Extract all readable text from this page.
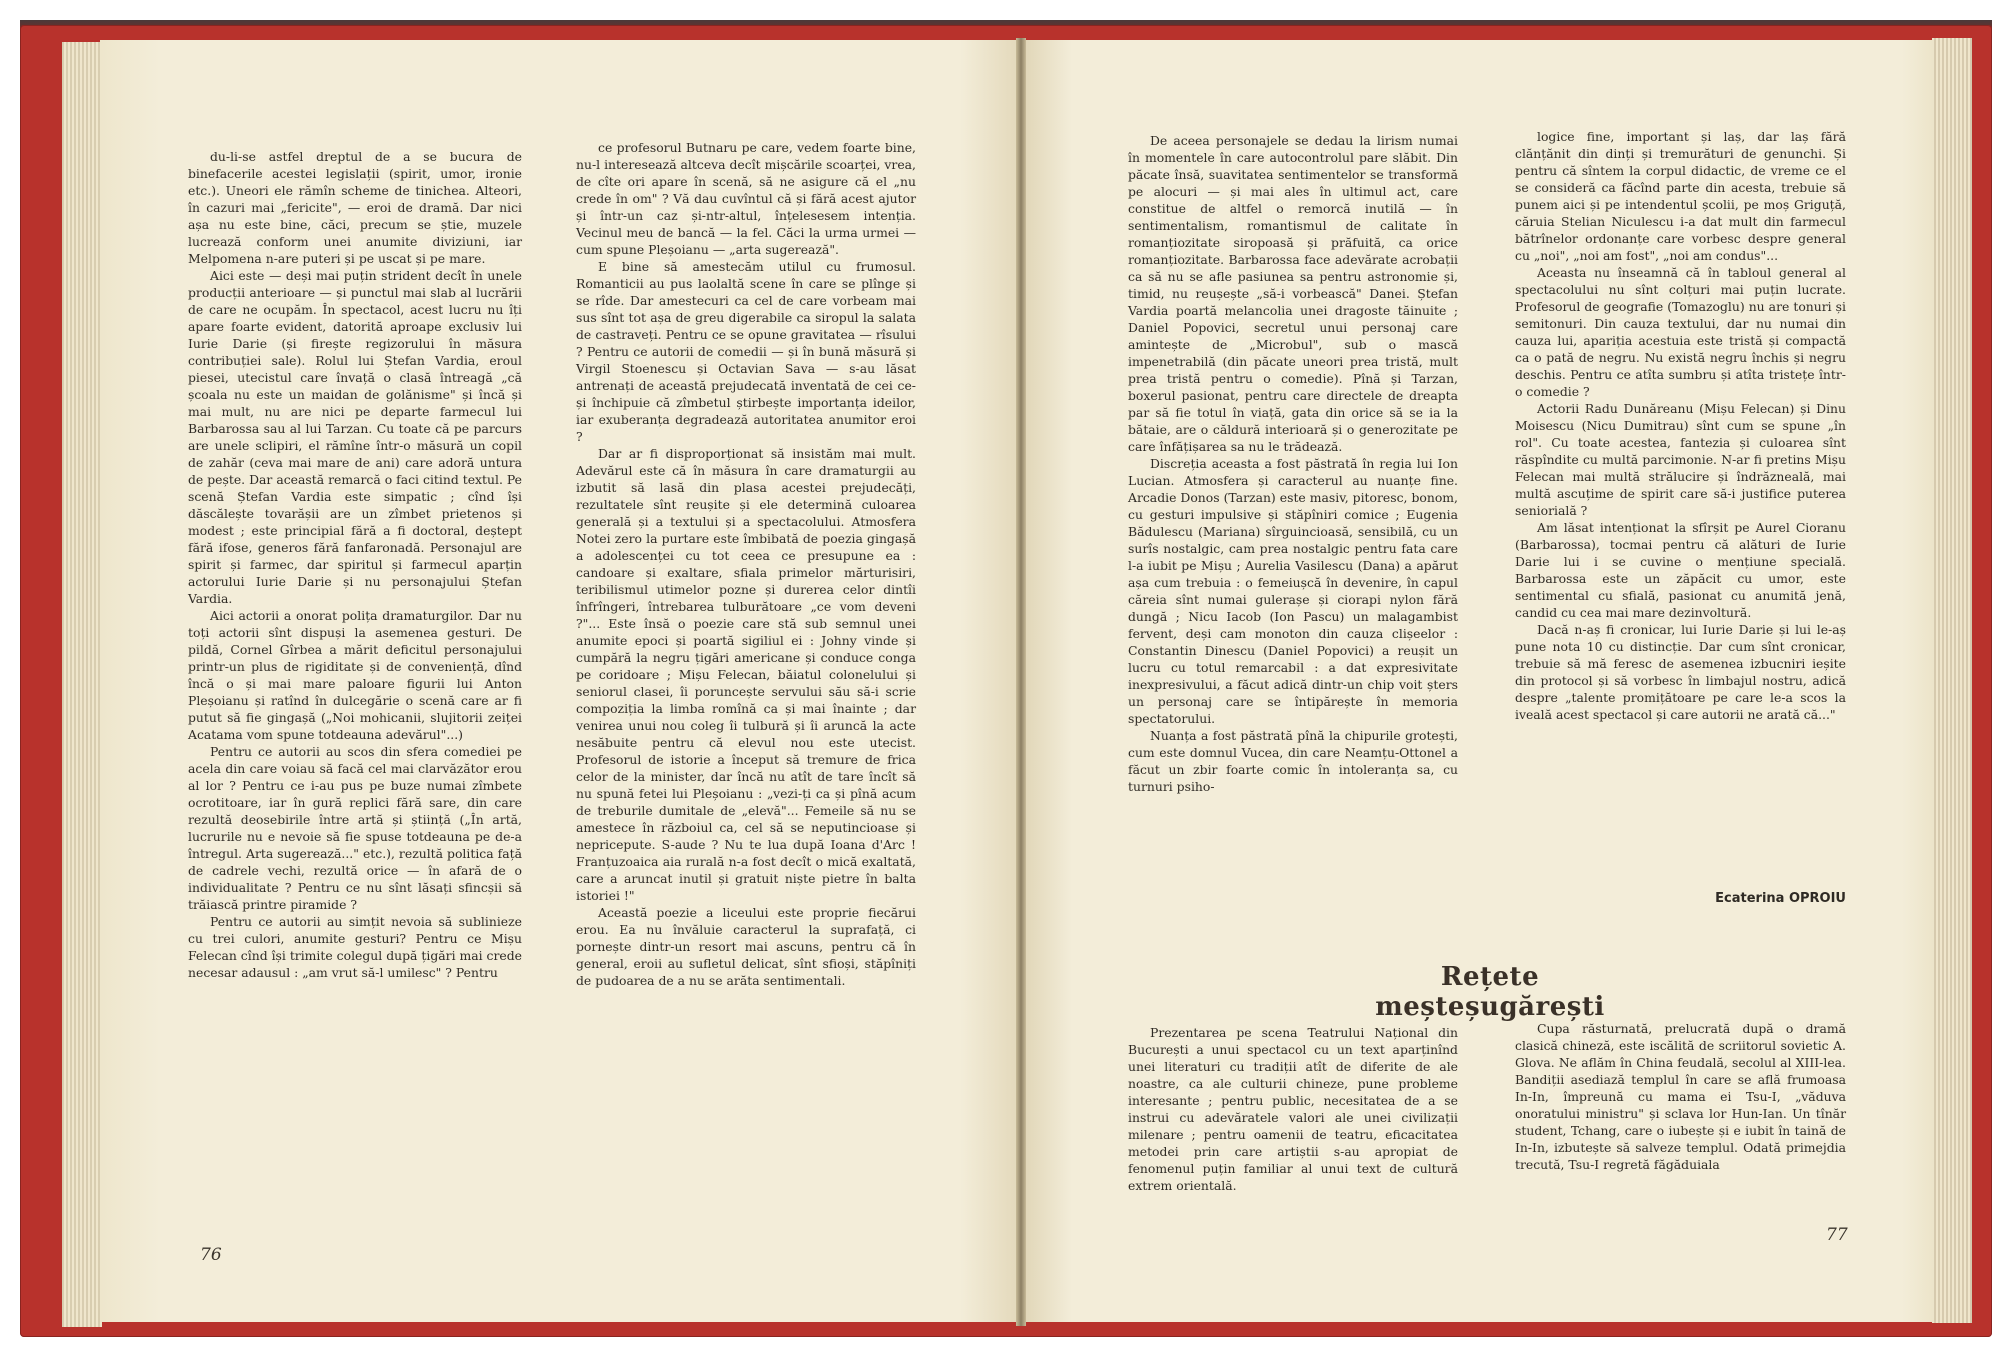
du-li-se astfel dreptul de a se bucura de binefacerile acestei legislații (spirit, umor, ironie etc.). Uneori ele rămîn scheme de tinichea. Alteori, în cazuri mai „fericite", — eroi de dramă. Dar nici așa nu este bine, căci, precum se știe, muzele lucrează conform unei anumite diviziuni, iar Melpomena n-are puteri și pe uscat și pe mare.

Aici este — deși mai puțin strident decît în unele producții anterioare — și punctul mai slab al lucrării de care ne ocupăm. În spectacol, acest lucru nu îți apare foarte evident, datorită aproape exclusiv lui Iurie Darie (și firește regizorului în măsura contribuției sale). Rolul lui Ștefan Vardia, eroul piesei, utecistul care învață o clasă întreagă „că școala nu este un maidan de golănisme" și încă și mai mult, nu are nici pe departe farmecul lui Barbarossa sau al lui Tarzan. Cu toate că pe parcurs are unele sclipiri, el rămîne într-o măsură un copil de zahăr (ceva mai mare de ani) care adoră untura de pește. Dar această remarcă o faci citind textul. Pe scenă Ștefan Vardia este simpatic ; cînd își dăscălește tovarășii are un zîmbet prietenos și modest ; este principial fără a fi doctoral, deștept fără ifose, generos fără fanfaronadă. Personajul are spirit și farmec, dar spiritul și farmecul aparțin actorului Iurie Darie și nu personajului Ștefan Vardia.

Aici actorii a onorat polița dramaturgilor. Dar nu toți actorii sînt dispuși la asemenea gesturi. De pildă, Cornel Gîrbea a mărit deficitul personajului printr-un plus de rigiditate și de conveniență, dînd încă o și mai mare paloare figurii lui Anton Pleșoianu și ratînd în dulcegărie o scenă care ar fi putut să fie gingașă („Noi mohicanii, slujitorii zeiței Acatama vom spune totdeauna adevărul"...)

Pentru ce autorii au scos din sfera comediei pe acela din care voiau să facă cel mai clarvăzător erou al lor ? Pentru ce i-au pus pe buze numai zîmbete ocrotitoare, iar în gură replici fără sare, din care rezultă deosebirile între artă și știință („În artă, lucrurile nu e nevoie să fie spuse totdeauna pe de-a întregul. Arta sugerează..." etc.), rezultă politica față de cadrele vechi, rezultă orice — în afară de o individualitate ? Pentru ce nu sînt lăsați sfincșii să trăiască printre piramide ?

Pentru ce autorii au simțit nevoia să sublinieze cu trei culori, anumite gesturi? Pentru ce Mișu Felecan cînd își trimite colegul după țigări mai crede necesar adausul : „am vrut să-l umilesc" ? Pentru

ce profesorul Butnaru pe care, vedem foarte bine, nu-l interesează altceva decît mișcările scoarței, vrea, de cîte ori apare în scenă, să ne asigure că el „nu crede în om" ? Vă dau cuvîntul că și fără acest ajutor și într-un caz și-ntr-altul, înțelesesem intenția. Vecinul meu de bancă — la fel. Căci la urma urmei — cum spune Pleșoianu — „arta sugerează".

E bine să amestecăm utilul cu frumosul. Romanticii au pus laolaltă scene în care se plînge și se rîde. Dar amestecuri ca cel de care vorbeam mai sus sînt tot așa de greu digerabile ca siropul la salata de castraveți. Pentru ce se opune gravitatea — rîsului ? Pentru ce autorii de comedii — și în bună măsură și Virgil Stoenescu și Octavian Sava — s-au lăsat antrenați de această prejudecată inventată de cei ce-și închipuie că zîmbetul știrbește importanța ideilor, iar exuberanța degradează autoritatea anumitor eroi ?

Dar ar fi disproporționat să insistăm mai mult. Adevărul este că în măsura în care dramaturgii au izbutit să lasă din plasa acestei prejudecăți, rezultatele sînt reușite și ele determină culoarea generală și a textului și a spectacolului. Atmosfera Notei zero la purtare este îmbibată de poezia gingașă a adolescenței cu tot ceea ce presupune ea : candoare și exaltare, sfiala primelor mărturisiri, teribilismul utimelor pozne și durerea celor dintîi înfrîngeri, întrebarea tulburătoare „ce vom deveni ?"... Este însă o poezie care stă sub semnul unei anumite epoci și poartă sigiliul ei : Johny vinde și cumpără la negru țigări americane și conduce conga pe coridoare ; Mișu Felecan, băiatul colonelului și seniorul clasei, îi poruncește servului său să-i scrie compoziția la limba romînă ca și mai înainte ; dar venirea unui nou coleg îi tulbură și îi aruncă la acte nesăbuite pentru că elevul nou este utecist. Profesorul de istorie a început să tremure de frica celor de la minister, dar încă nu atît de tare încît să nu spună fetei lui Pleșoianu : „vezi-ți ca și pînă acum de treburile dumitale de „elevă"... Femeile să nu se amestece în războiul ca, cel să se neputincioase și nepricepute. S-aude ? Nu te lua după Ioana d'Arc ! Franțuzoaica aia rurală n-a fost decît o mică exaltată, care a aruncat inutil și gratuit niște pietre în balta istoriei !"

Această poezie a liceului este proprie fiecărui erou. Ea nu învăluie caracterul la suprafață, ci pornește dintr-un resort mai ascuns, pentru că în general, eroii au sufletul delicat, sînt sfioși, stăpîniți de pudoarea de a nu se arăta sentimentali.

De aceea personajele se dedau la lirism numai în momentele în care autocontrolul pare slăbit. Din păcate însă, suavitatea sentimentelor se transformă pe alocuri — și mai ales în ultimul act, care constitue de altfel o remorcă inutilă — în sentimentalism, romantismul de calitate în romanțiozitate siropoasă și prăfuită, ca orice romanțiozitate. Barbarossa face adevărate acrobații ca să nu se afle pasiunea sa pentru astronomie și, timid, nu reușește „să-i vorbească" Danei. Ștefan Vardia poartă melancolia unei dragoste tăinuite ; Daniel Popovici, secretul unui personaj care amintește de „Microbul", sub o mască impenetrabilă (din păcate uneori prea tristă, mult prea tristă pentru o comedie). Pînă și Tarzan, boxerul pasionat, pentru care directele de dreapta par să fie totul în viață, gata din orice să se ia la bătaie, are o căldură interioară și o generozitate pe care înfățișarea sa nu le trădează.

Discreția aceasta a fost păstrată în regia lui Ion Lucian. Atmosfera și caracterul au nuanțe fine. Arcadie Donos (Tarzan) este masiv, pitoresc, bonom, cu gesturi impulsive și stăpîniri comice ; Eugenia Bădulescu (Mariana) sîrguincioasă, sensibilă, cu un surîs nostalgic, cam prea nostalgic pentru fata care l-a iubit pe Mișu ; Aurelia Vasilescu (Dana) a apărut așa cum trebuia : o femeiușcă în devenire, în capul căreia sînt numai gulerașe și ciorapi nylon fără dungă ; Nicu Iacob (Ion Pascu) un malagambist fervent, deși cam monoton din cauza clișeelor : Constantin Dinescu (Daniel Popovici) a reușit un lucru cu totul remarcabil : a dat expresivitate inexpresivului, a făcut adică dintr-un chip voit șters un personaj care se întipărește în memoria spectatorului.

Nuanța a fost păstrată pînă la chipurile grotești, cum este domnul Vucea, din care Neamțu-Ottonel a făcut un zbir foarte comic în intoleranța sa, cu turnuri psiho-

logice fine, important și laș, dar laș fără clănțănit din dinți și tremurături de genunchi. Și pentru că sîntem la corpul didactic, de vreme ce el se consideră ca făcînd parte din acesta, trebuie să punem aici și pe intendentul școlii, pe moș Griguță, căruia Stelian Niculescu i-a dat mult din farmecul bătrînelor ordonanțe care vorbesc despre general cu „noi", „noi am fost", „noi am condus"...

Aceasta nu înseamnă că în tabloul general al spectacolului nu sînt colțuri mai puțin lucrate. Profesorul de geografie (Tomazoglu) nu are tonuri și semitonuri. Din cauza textului, dar nu numai din cauza lui, apariția acestuia este tristă și compactă ca o pată de negru. Nu există negru închis și negru deschis. Pentru ce atîta sumbru și atîta tristețe într-o comedie ?

Actorii Radu Dunăreanu (Mișu Felecan) și Dinu Moisescu (Nicu Dumitrau) sînt cum se spune „în rol". Cu toate acestea, fantezia și culoarea sînt răspîndite cu multă parcimonie. N-ar fi pretins Mișu Felecan mai multă strălucire și îndrăzneală, mai multă ascuțime de spirit care să-i justifice puterea seniorială ?

Am lăsat intenționat la sfîrșit pe Aurel Cioranu (Barbarossa), tocmai pentru că alături de Iurie Darie lui i se cuvine o mențiune specială. Barbarossa este un zăpăcit cu umor, este sentimental cu sfială, pasionat cu anumită jenă, candid cu cea mai mare dezinvoltură.

Dacă n-aș fi cronicar, lui Iurie Darie și lui le-aș pune nota 10 cu distincție. Dar cum sînt cronicar, trebuie să mă feresc de asemenea izbucniri ieșite din protocol și să vorbesc în limbajul nostru, adică despre „talente promițătoare pe care le-a scos la iveală acest spectacol și care autorii ne arată că..."

Ecaterina OPROIU
Rețete meșteșugărești

Prezentarea pe scena Teatrului Național din București a unui spectacol cu un text aparținînd unei literaturi cu tradiții atît de diferite de ale noastre, ca ale culturii chineze, pune probleme interesante ; pentru public, necesitatea de a se instrui cu adevăratele valori ale unei civilizații milenare ; pentru oamenii de teatru, eficacitatea metodei prin care artiștii s-au apropiat de fenomenul puțin familiar al unui text de cultură extrem orientală.

Cupa răsturnată, prelucrată după o dramă clasică chineză, este iscălită de scriitorul sovietic A. Glova. Ne aflăm în China feudală, secolul al XIII-lea. Bandiții asediază templul în care se află frumoasa In-In, împreună cu mama ei Tsu-I, „văduva onoratului ministru" și sclava lor Hun-Ian. Un tînăr student, Tchang, care o iubește și e iubit în taină de In-In, izbutește să salveze templul. Odată primejdia trecută, Tsu-I regretă făgăduiala

76
77
